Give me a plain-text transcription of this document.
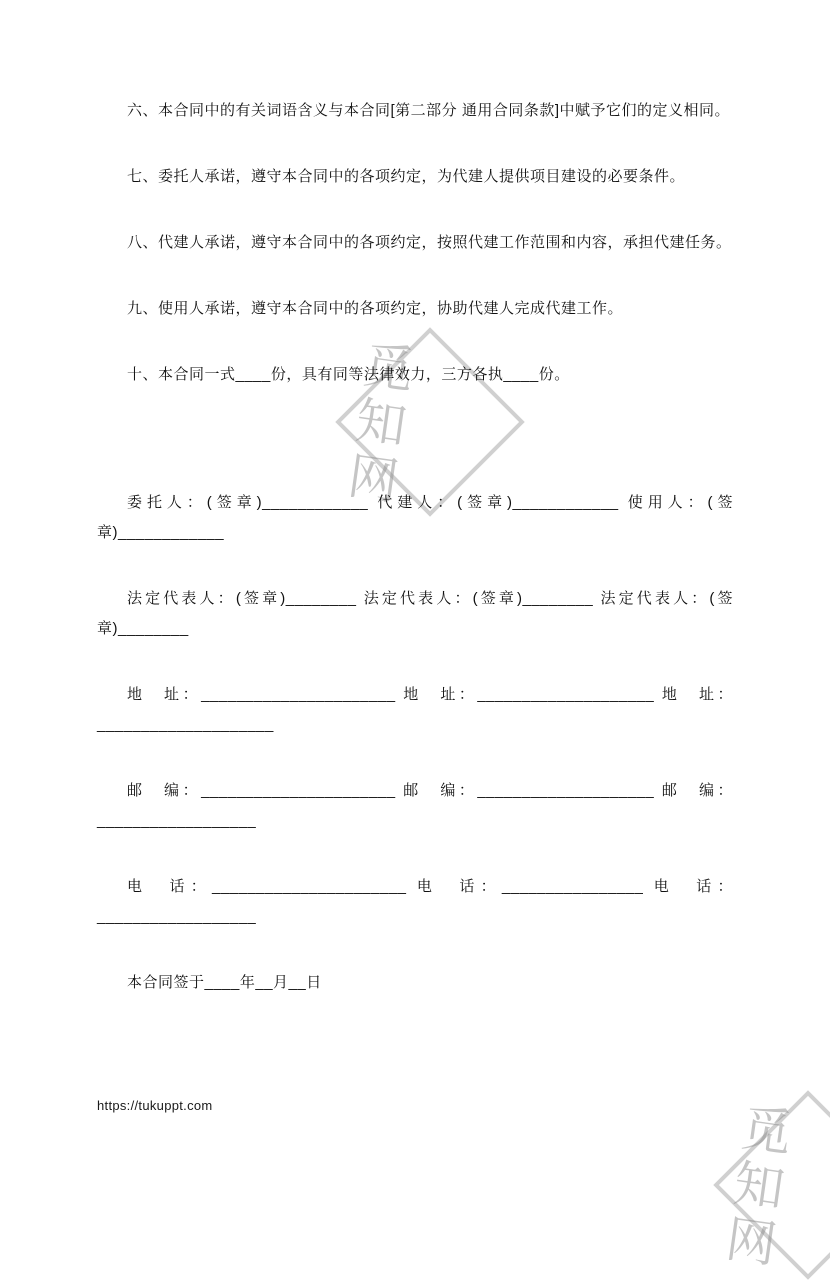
觅知网
觅知网

六、本合同中的有关词语含义与本合同[第二部分 通用合同条款]中赋予它们的定义相同。

七、委托人承诺，遵守本合同中的各项约定，为代建人提供项目建设的必要条件。

八、代建人承诺，遵守本合同中的各项约定，按照代建工作范围和内容，承担代建任务。

九、使用人承诺，遵守本合同中的各项约定，协助代建人完成代建工作。

十、本合同一式____份，具有同等法律效力，三方各执____份。

委托人：(签章)____________ 代建人：(签章)____________ 使用人：(签章)____________

法定代表人：(签章)________ 法定代表人：(签章)________ 法定代表人：(签章)________

地　址：______________________ 地　址：____________________ 地　址：____________________

邮　编：______________________ 邮　编：____________________ 邮　编：__________________

电　话：______________________ 电　话：________________ 电　话：__________________

本合同签于____年__月__日

https://tukuppt.com
